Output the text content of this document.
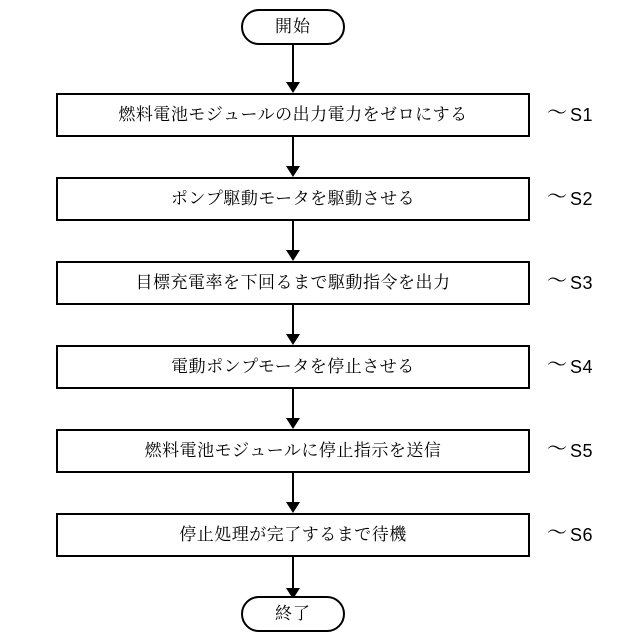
開始
燃料電池モジュールの出力電力をゼロにする	〜 S1
ポンプ駆動モータを駆動させる	〜 S2
目標充電率を下回るまで駆動指令を出力	〜 S3
電動ポンプモータを停止させる	〜 S4
燃料電池モジュールに停止指示を送信	〜 S5
停止処理が完了するまで待機	〜 S6
終了
